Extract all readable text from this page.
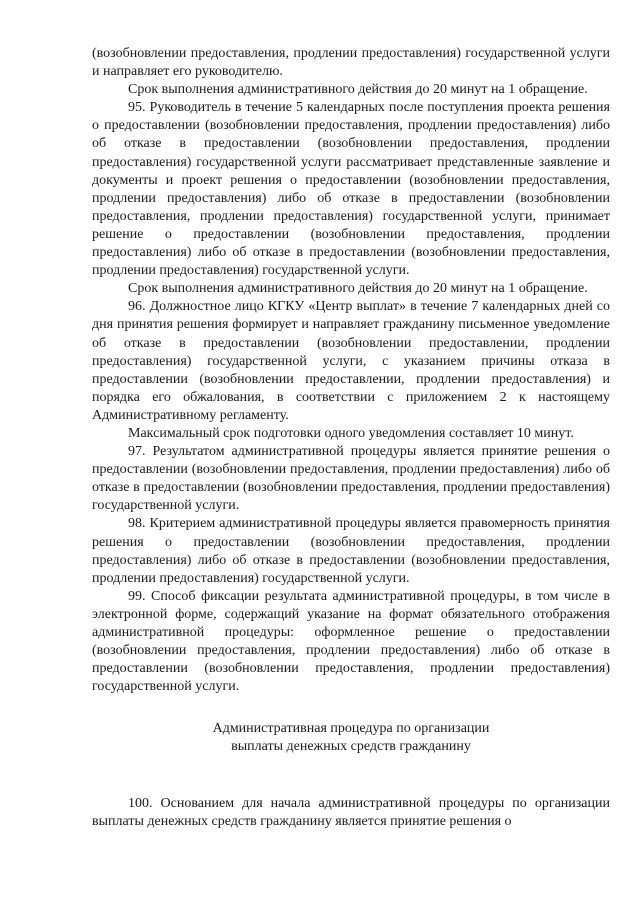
(возобновлении предоставления, продлении предоставления) государственной услуги и направляет его руководителю.

Срок выполнения административного действия до 20 минут на 1 обращение.

95. Руководитель в течение 5 календарных после поступления проекта решения о предоставлении (возобновлении предоставления, продлении предоставления) либо об отказе в предоставлении (возобновлении предоставления, продлении предоставления) государственной услуги рассматривает представленные заявление и документы и проект решения о предоставлении (возобновлении предоставления, продлении предоставления) либо об отказе в предоставлении (возобновлении предоставления, продлении предоставления) государственной услуги, принимает решение о предоставлении (возобновлении предоставления, продлении предоставления) либо об отказе в предоставлении (возобновлении предоставления, продлении предоставления) государственной услуги.

Срок выполнения административного действия до 20 минут на 1 обращение.

96. Должностное лицо КГКУ «Центр выплат» в течение 7 календарных дней со дня принятия решения формирует и направляет гражданину письменное уведомление об отказе в предоставлении (возобновлении предоставлении, продлении предоставления) государственной услуги, с указанием причины отказа в предоставлении (возобновлении предоставлении, продлении предоставления) и порядка его обжалования, в соответствии с приложением 2 к настоящему Административному регламенту.

Максимальный срок подготовки одного уведомления составляет 10 минут.

97. Результатом административной процедуры является принятие решения о предоставлении (возобновлении предоставления, продлении предоставления) либо об отказе в предоставлении (возобновлении предоставления, продлении предоставления) государственной услуги.

98. Критерием административной процедуры является правомерность принятия решения о предоставлении (возобновлении предоставления, продлении предоставления) либо об отказе в предоставлении (возобновлении предоставления, продлении предоставления) государственной услуги.

99. Способ фиксации результата административной процедуры, в том числе в электронной форме, содержащий указание на формат обязательного отображения административной процедуры: оформленное решение о предоставлении (возобновлении предоставления, продлении предоставления) либо об отказе в предоставлении (возобновлении предоставления, продлении предоставления) государственной услуги.

Административная процедура по организации
выплаты денежных средств гражданину

100. Основанием для начала административной процедуры по организации выплаты денежных средств гражданину является принятие решения о
